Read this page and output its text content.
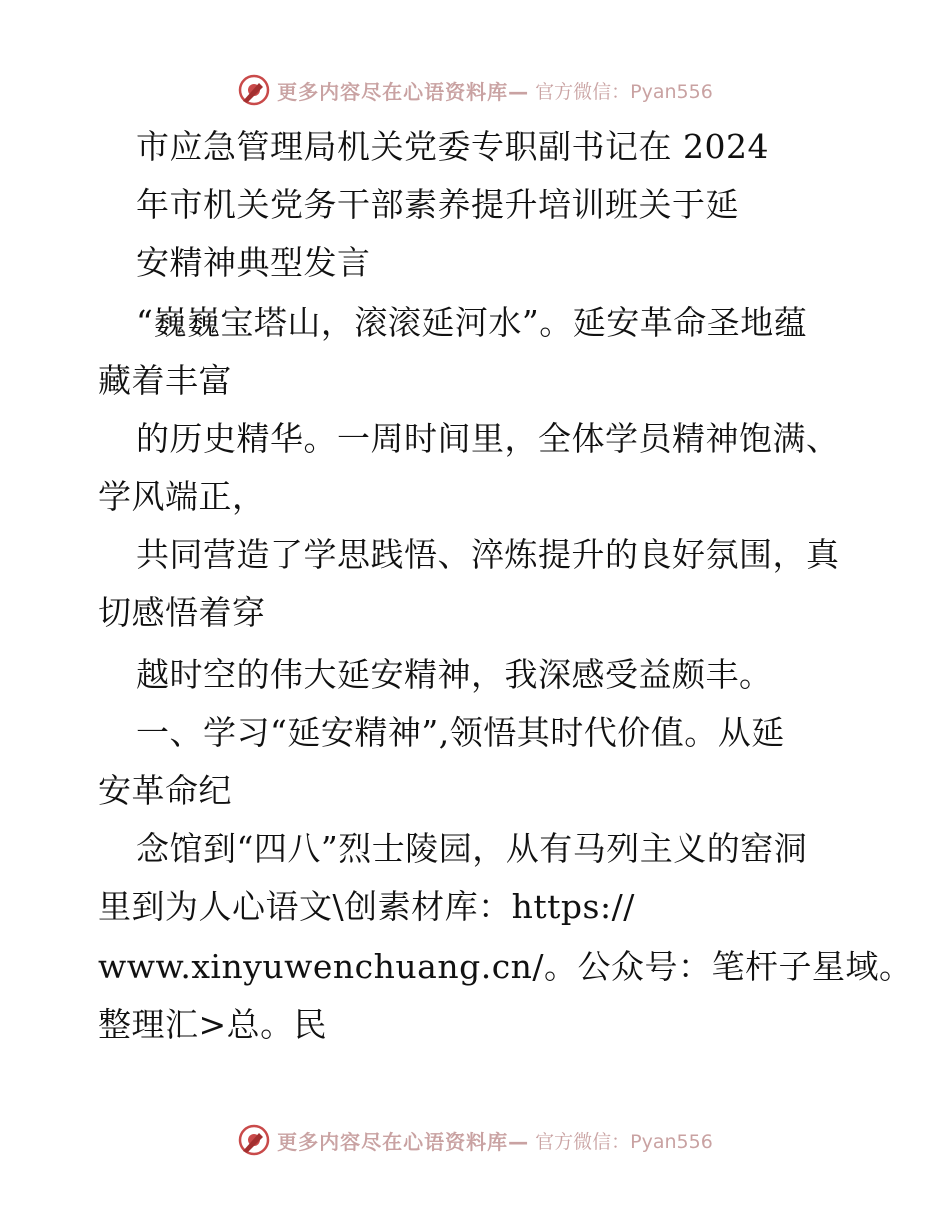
更多内容尽在心语资料库— 官方微信：Pyan556
市应急管理局机关党委专职副书记在 2024
年市机关党务干部素养提升培训班关于延
安精神典型发言
“巍巍宝塔山，滚滚延河水”。延安革命圣地蕴
藏着丰富
的历史精华。一周时间里，全体学员精神饱满、
学风端正，
共同营造了学思践悟、淬炼提升的良好氛围，真
切感悟着穿
越时空的伟大延安精神，我深感受益颇丰。
一、学习“延安精神”,领悟其时代价值。从延
安革命纪
念馆到“四八”烈士陵园，从有马列主义的窑洞
里到为人心语文\创素材库：https://
www.xinyuwenchuang.cn/。公众号：笔杆子星域。
整理汇>总。民
更多内容尽在心语资料库— 官方微信：Pyan556
